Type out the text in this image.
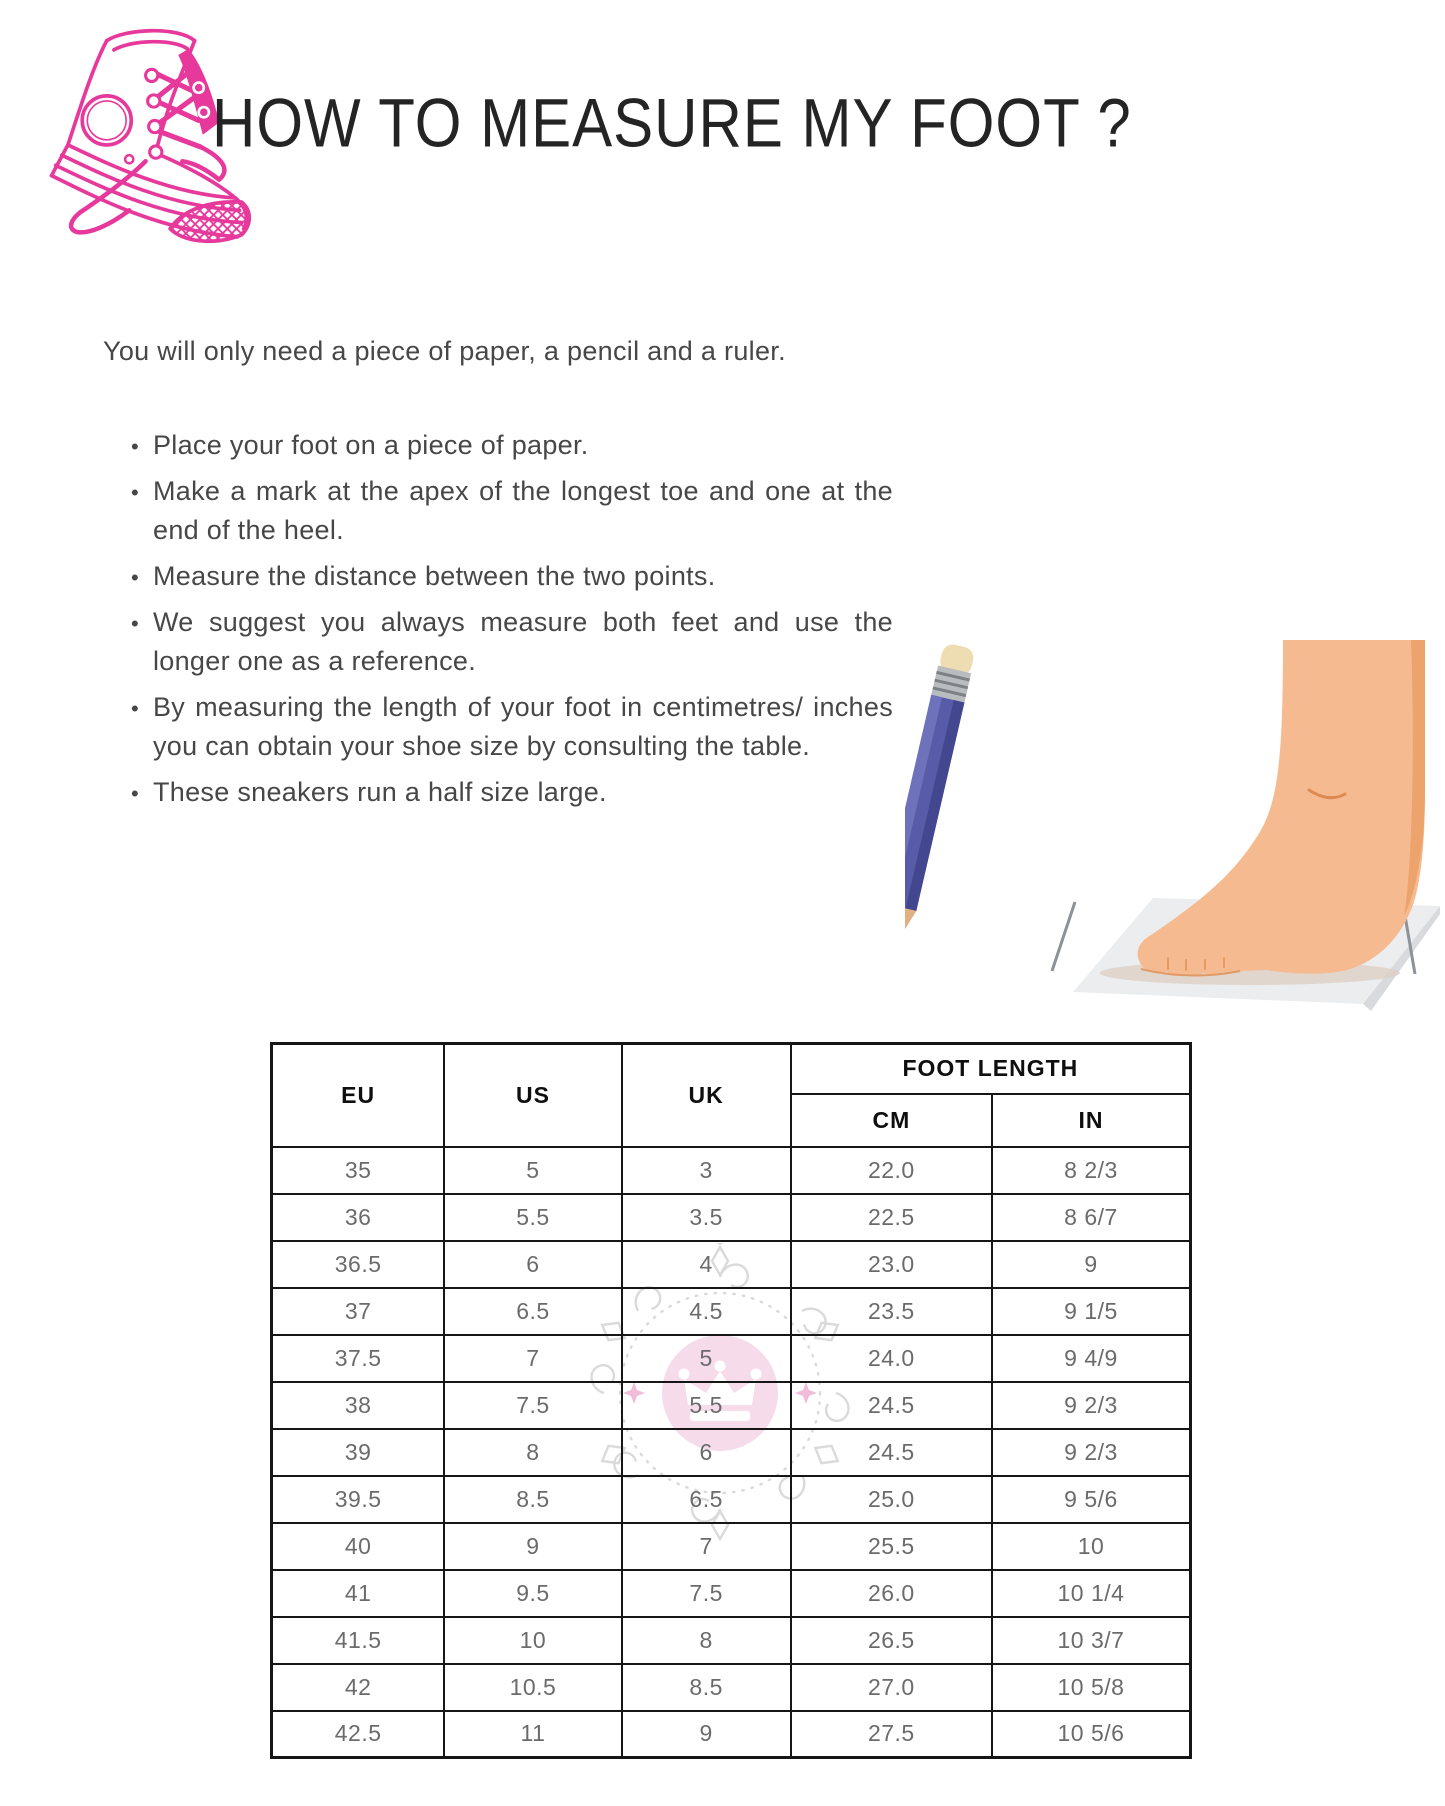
HOW TO MEASURE MY FOOT ?
You will only need a piece of paper, a pencil and a ruler.
• Place your foot on a piece of paper.
• Make a mark at the apex of the longest toe and one at the end of the heel.
• Measure the distance between the two points.
• We suggest you always measure both feet and use the longer one as a reference.
• By measuring the length of your foot in centimetres/ inches you can obtain your shoe size by consulting the table.
• These sneakers run a half size large.
EU	US	UK	FOOT LENGTH	
			CM	IN
35	5	3	22.0	8 2/3
36	5.5	3.5	22.5	8 6/7
36.5	6	4	23.0	9
37	6.5	4.5	23.5	9 1/5
37.5	7	5	24.0	9 4/9
38	7.5	5.5	24.5	9 2/3
39	8	6	24.5	9 2/3
39.5	8.5	6.5	25.0	9 5/6
40	9	7	25.5	10
41	9.5	7.5	26.0	10 1/4
41.5	10	8	26.5	10 3/7
42	10.5	8.5	27.0	10 5/8
42.5	11	9	27.5	10 5/6
